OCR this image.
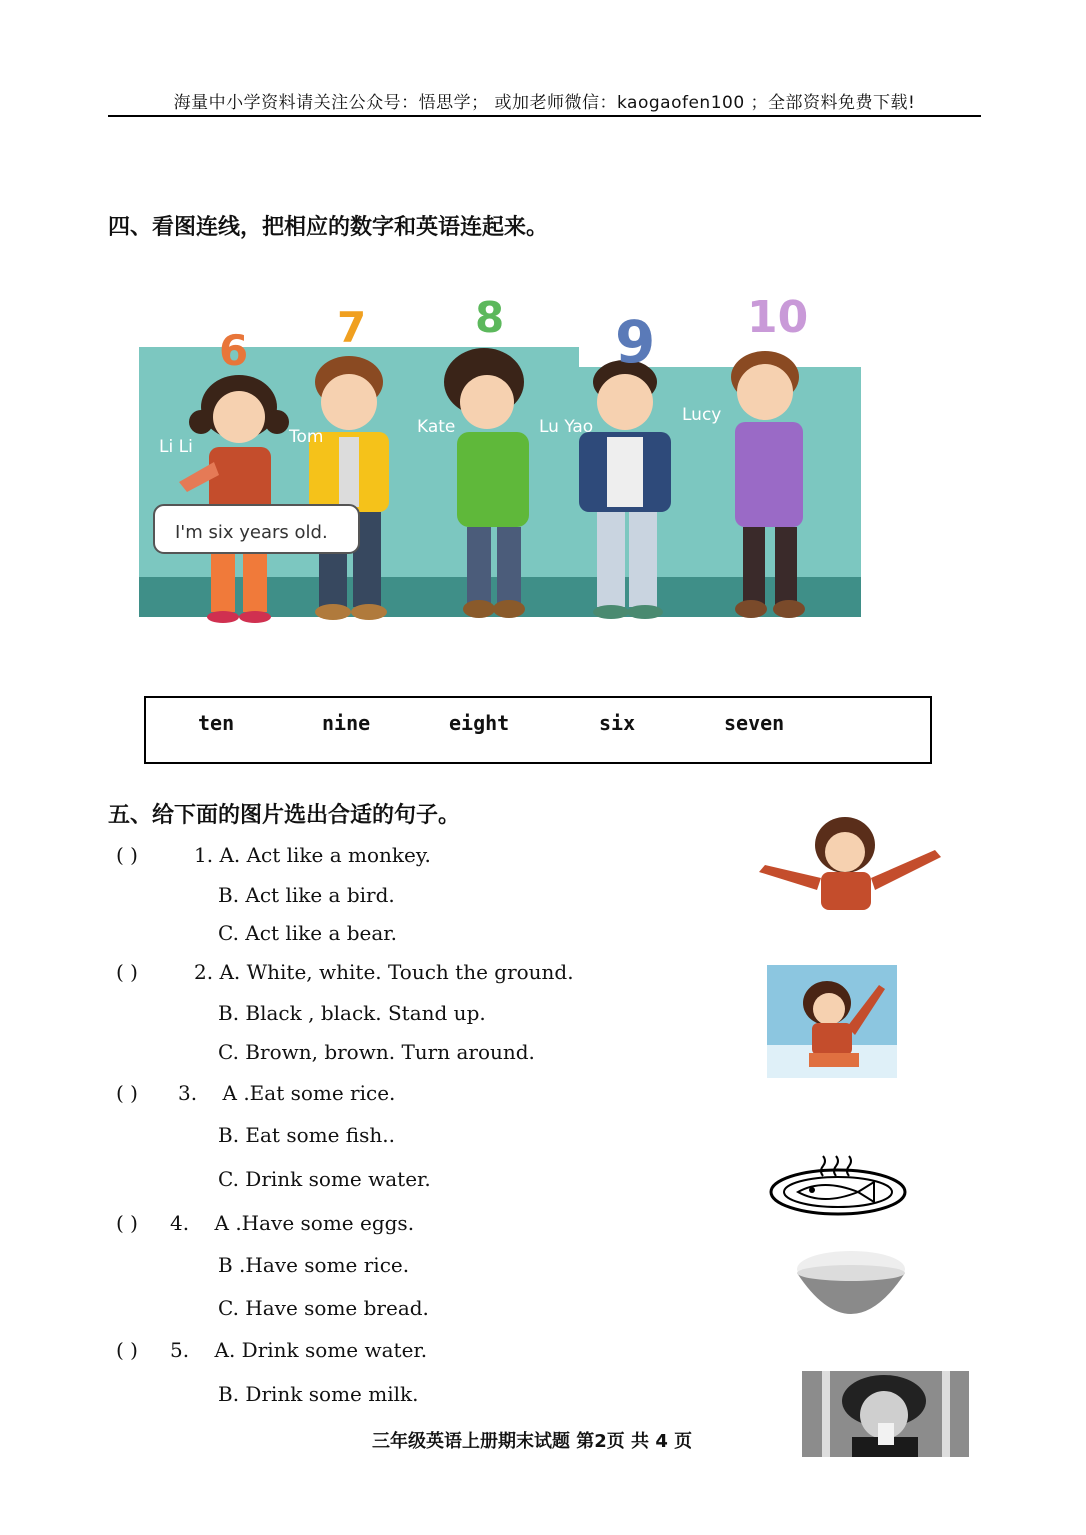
海量中小学资料请关注公众号：悟思学； 或加老师微信：kaogaofen100 ；全部资料免费下载!
四、看图连线，把相应的数字和英语连起来。
6 7	8 9 10
Li Li	Tom	Kate	Lu Yao
Lucy
I'm six years old.
ten	nine	eight	six	seven
五、给下面的图片选出合适的句子。
( )	1. A. Act like a monkey.
B. Act like a bird.
C. Act like a bear.
( )	2. A. White, white. Touch the ground.
B. Black , black. Stand up.
C. Brown, brown. Turn around.
( ) 3.    A .Eat some rice.
B. Eat some fish..
C. Drink some water.
( ) 4.    A .Have some eggs.
B .Have some rice.
C. Have some bread.
( ) 5.    A. Drink some water.
B. Drink some milk.
三年级英语上册期末试题 第2页 共 4 页
